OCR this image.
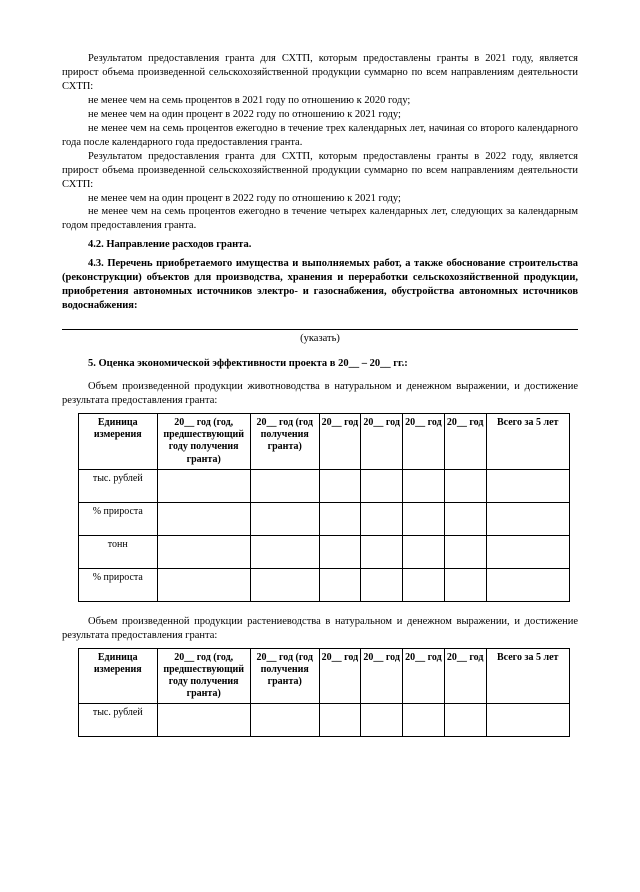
Результатом предоставления гранта для СХТП, которым предоставлены гранты в 2021 году, является прирост объема произведенной сельскохозяйственной продукции суммарно по всем направлениям деятельности СХТП:

не менее чем на семь процентов в 2021 году по отношению к 2020 году;

не менее чем на один процент в 2022 году по отношению к 2021 году;

не менее чем на семь процентов ежегодно в течение трех календарных лет, начиная со второго календарного года после календарного года предоставления гранта.

Результатом предоставления гранта для СХТП, которым предоставлены гранты в 2022 году, является прирост объема произведенной сельскохозяйственной продукции суммарно по всем направлениям деятельности СХТП:

не менее чем на один процент в 2022 году по отношению к 2021 году;

не менее чем на семь процентов ежегодно в течение четырех календарных лет, следующих за календарным годом предоставления гранта.

4.2. Направление расходов гранта.

4.3. Перечень приобретаемого имущества и выполняемых работ, а также обоснование строительства (реконструкции) объектов для производства, хранения и переработки сельскохозяйственной продукции, приобретения автономных источников электро- и газоснабжения, обустройства автономных источников водоснабжения:

(указать)

5. Оценка экономической эффективности проекта в 20__ – 20__ гг.:

Объем произведенной продукции животноводства в натуральном и денежном выражении, и достижение результата предоставления гранта:

Единица измерения	20__ год (год, предшествующий году получения гранта)	20__ год (год получения гранта)	20__ год	20__ год	20__ год	20__ год	Всего за 5 лет
тыс. рублей							
% прироста							
тонн							
% прироста							

Объем произведенной продукции растениеводства в натуральном и денежном выражении, и достижение результата предоставления гранта:

Единица измерения	20__ год (год, предшествующий году получения гранта)	20__ год (год получения гранта)	20__ год	20__ год	20__ год	20__ год	Всего за 5 лет
тыс. рублей							
